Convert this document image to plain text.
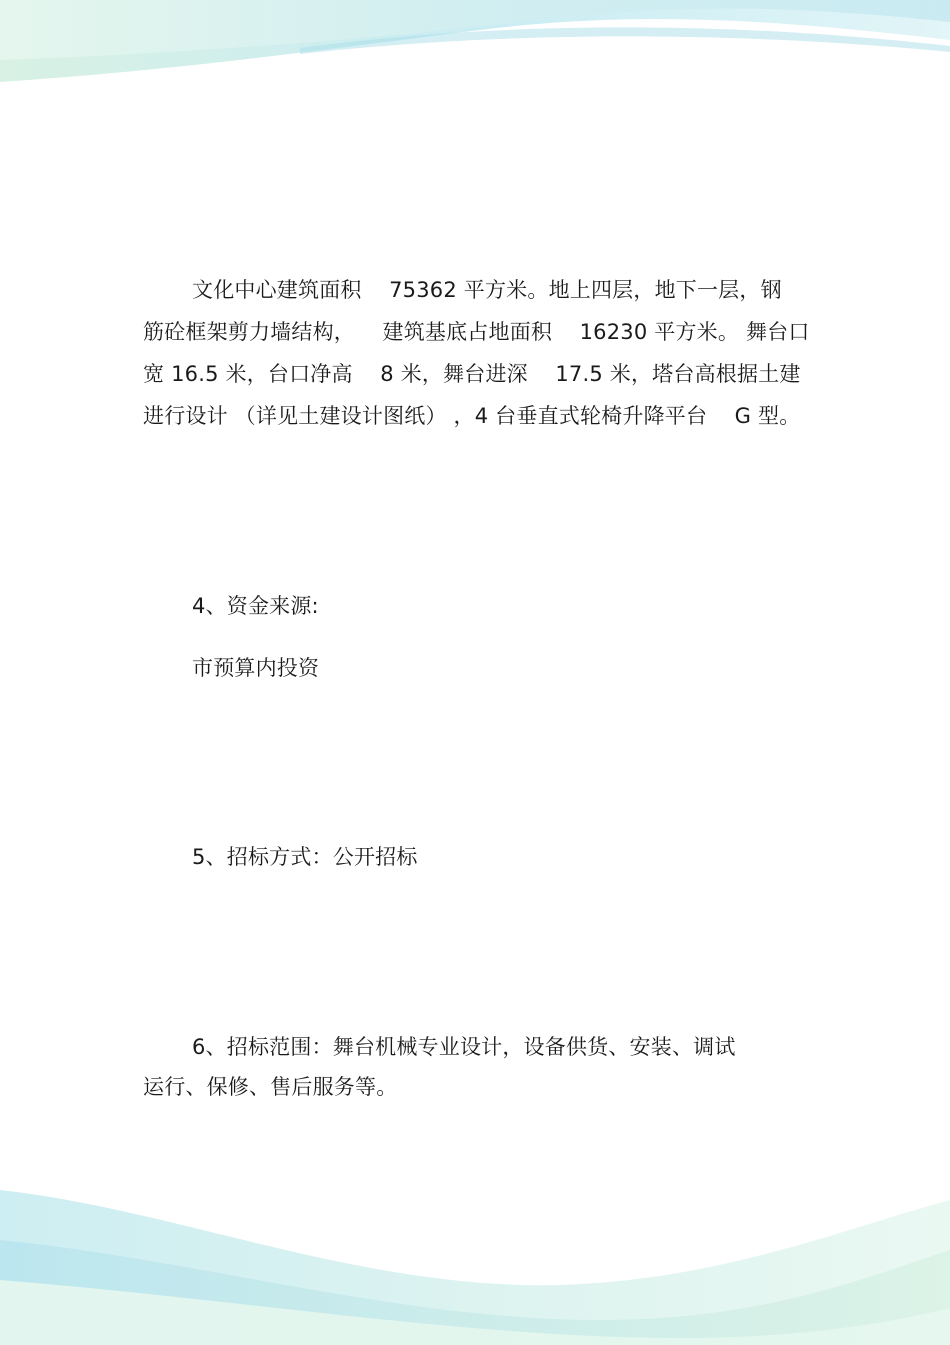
文化中心建筑面积    75362 平方米。地上四层，地下一层，钢
筋砼框架剪力墙结构，    建筑基底占地面积    16230 平方米。 舞台口
宽 16.5 米，台口净高    8 米，舞台进深    17.5 米，塔台高根据土建
进行设计 （详见土建设计图纸） ，4 台垂直式轮椅升降平台    G 型。
4、资金来源:
市预算内投资
5、招标方式：公开招标
6、招标范围：舞台机械专业设计，设备供货、安装、调试
运行、保修、售后服务等。
